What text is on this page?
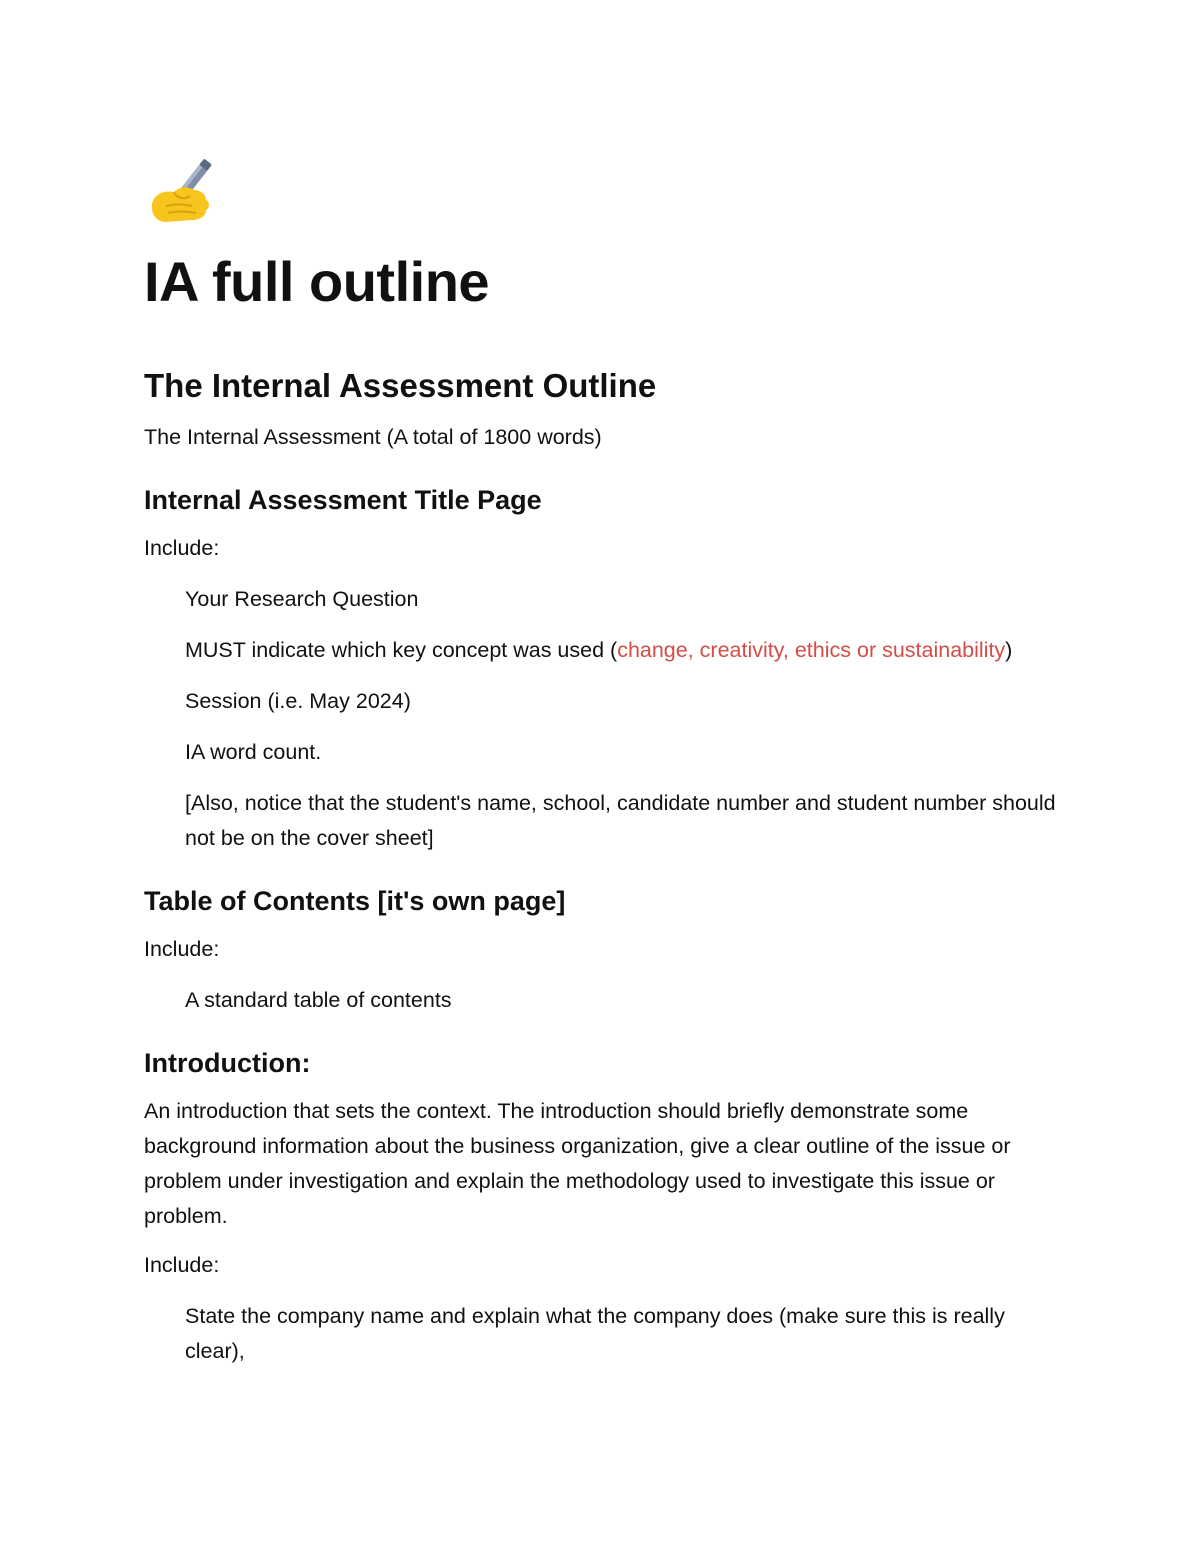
IA full outline
The Internal Assessment Outline
The Internal Assessment (A total of 1800 words)
Internal Assessment Title Page
Include:
Your Research Question
MUST indicate which key concept was used (change, creativity, ethics or sustainability)
Session (i.e. May 2024)
IA word count.
[Also, notice that the student's name, school, candidate number and student number should not be on the cover sheet]
Table of Contents [it's own page]
Include:
A standard table of contents
Introduction:
An introduction that sets the context. The introduction should briefly demonstrate some background information about the business organization, give a clear outline of the issue or problem under investigation and explain the methodology used to investigate this issue or problem.
Include:
State the company name and explain what the company does (make sure this is really clear),
